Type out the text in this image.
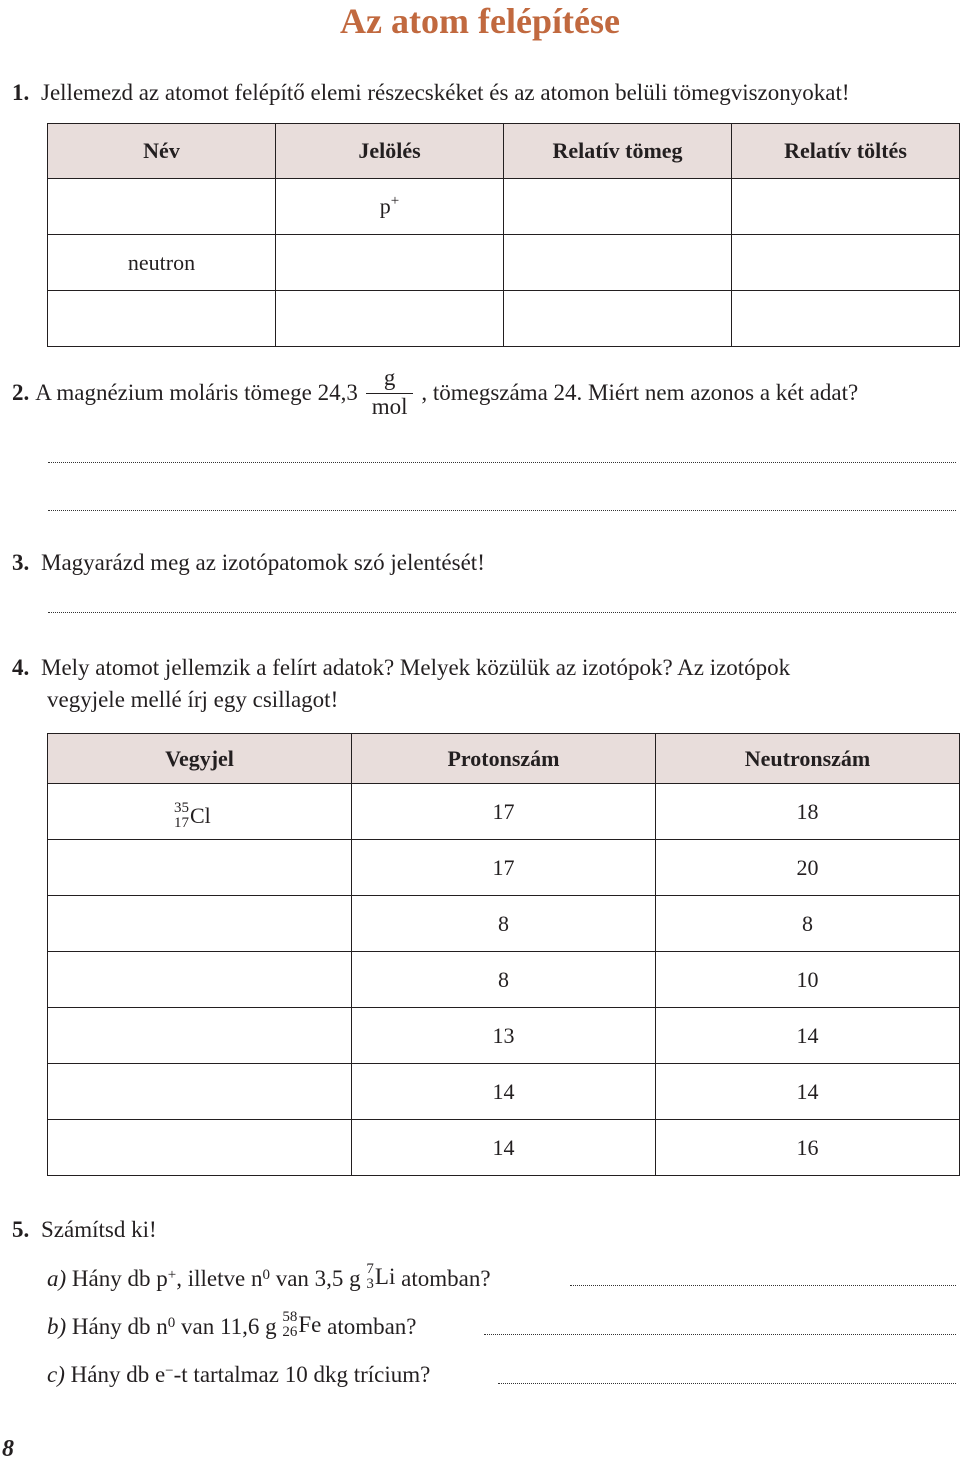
Az atom felépítése
1. Jellemezd az atomot felépítő elemi részecskéket és az atomon belüli tömegviszonyokat!
Név	Jelölés	Relatív tömeg	Relatív töltés
	p+		
neutron			

2. A magnézium moláris tömege $24,3 \frac{g}{\text{mol}}$ , tömegszáma 24. Miért nem azonos a két adat?
3. Magyarázd meg az izotópatomok szó jelentését!
4. Mely atomot jellemzik a felírt adatok? Melyek közülük az izotópok? Az izotópok
vegyjele mellé írj egy csillagot!
Vegyjel	Protonszám	Neutronszám

35
17 Cl	17	18
	17	20
	8	8
	8	10
	13	14
	14	14
	14	16
5. Számítsd ki!
a)
Hány db p+ , illetve $n^0$ van 3,5 g 7
3 Li atomban?
b)
Hány db $n^0$ van 11,6 g 58
26 Fe atomban?
c)
Hány db e− -t tartalmaz 10 dkg trícium?
8
